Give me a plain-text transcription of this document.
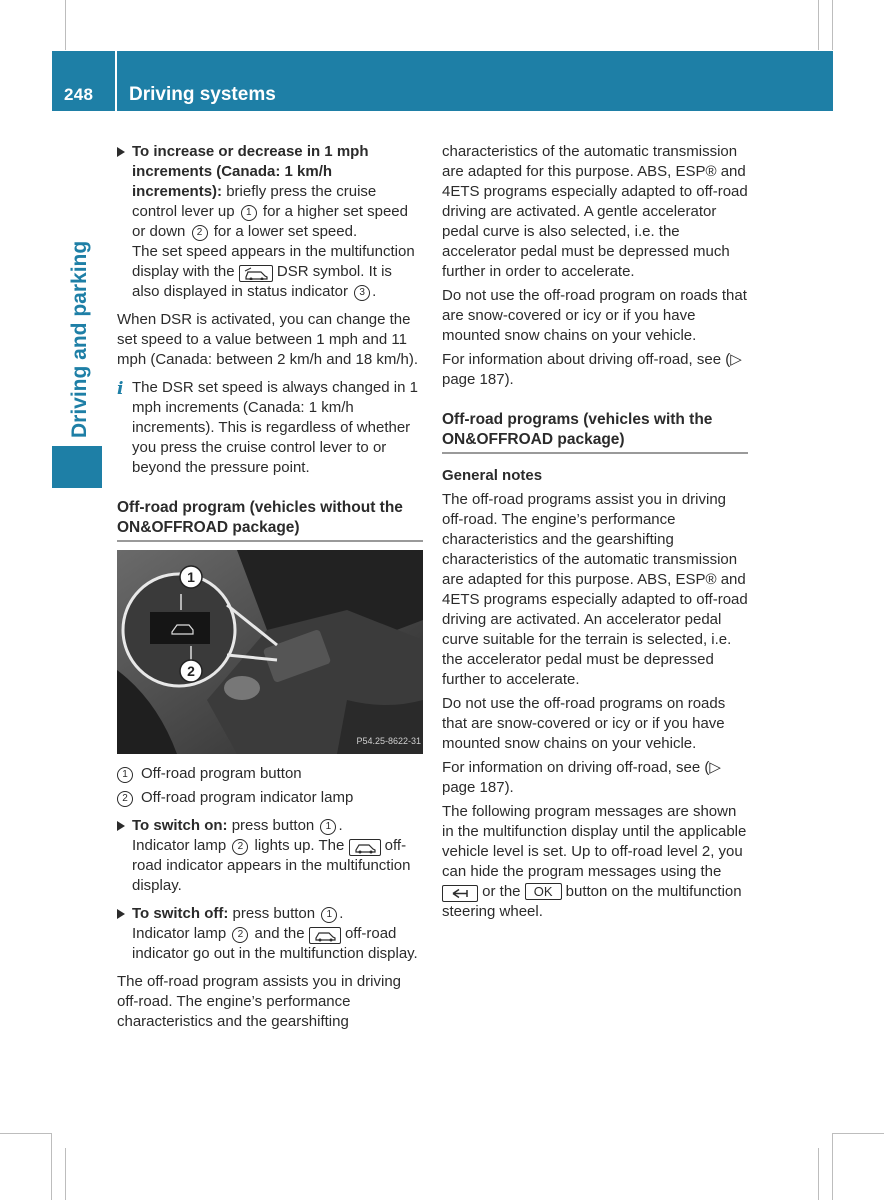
248 Driving systems
Driving and parking
To increase or decrease in 1 mph increments (Canada: 1 km/h increments): briefly press the cruise control lever up 1 for a higher set speed or down 2 for a lower set speed.
The set speed appears in the multifunction display with the  DSR symbol. It is also displayed in status indicator 3 .

When DSR is activated, you can change the set speed to a value between 1 mph and 11 mph (Canada: between 2 km/h and 18 km/h).

i The DSR set speed is always changed in 1 mph increments (Canada: 1 km/h increments). This is regardless of whether you press the cruise control lever to or beyond the pressure point.
Off-road program (vehicles without the ON&OFFROAD package)
1
2
P54.25-8622-31
1 Off-road program button
2 Off-road program indicator lamp
To switch on: press button 1 .
Indicator lamp 2 lights up. The  off-road indicator appears in the multifunction display.
To switch off: press button 1 .
Indicator lamp 2 and the  off-road indicator go out in the multifunction display.

The off-road program assists you in driving off-road. The engine’s performance characteristics and the gearshifting

characteristics of the automatic transmission are adapted for this purpose. ABS, ESP® and 4ETS programs especially adapted to off-road driving are activated. A gentle accelerator pedal curve is also selected, i.e. the accelerator pedal must be depressed much further in order to accelerate.

Do not use the off-road program on roads that are snow-covered or icy or if you have mounted snow chains on your vehicle.

For information about driving off-road, see (▷ page 187).

Off-road programs (vehicles with the ON&OFFROAD package)

General notes

The off-road programs assist you in driving off-road. The engine’s performance characteristics and the gearshifting characteristics of the automatic transmission are adapted for this purpose. ABS, ESP® and 4ETS programs especially adapted to off-road driving are activated. An accelerator pedal curve suitable for the terrain is selected, i.e. the accelerator pedal must be depressed further to accelerate.

Do not use the off-road programs on roads that are snow-covered or icy or if you have mounted snow chains on your vehicle.

For information on driving off-road, see (▷ page 187).

The following program messages are shown in the multifunction display until the applicable vehicle level is set. Up to off-road level 2, you can hide the program messages using the  or the OK button on the multifunction steering wheel.
